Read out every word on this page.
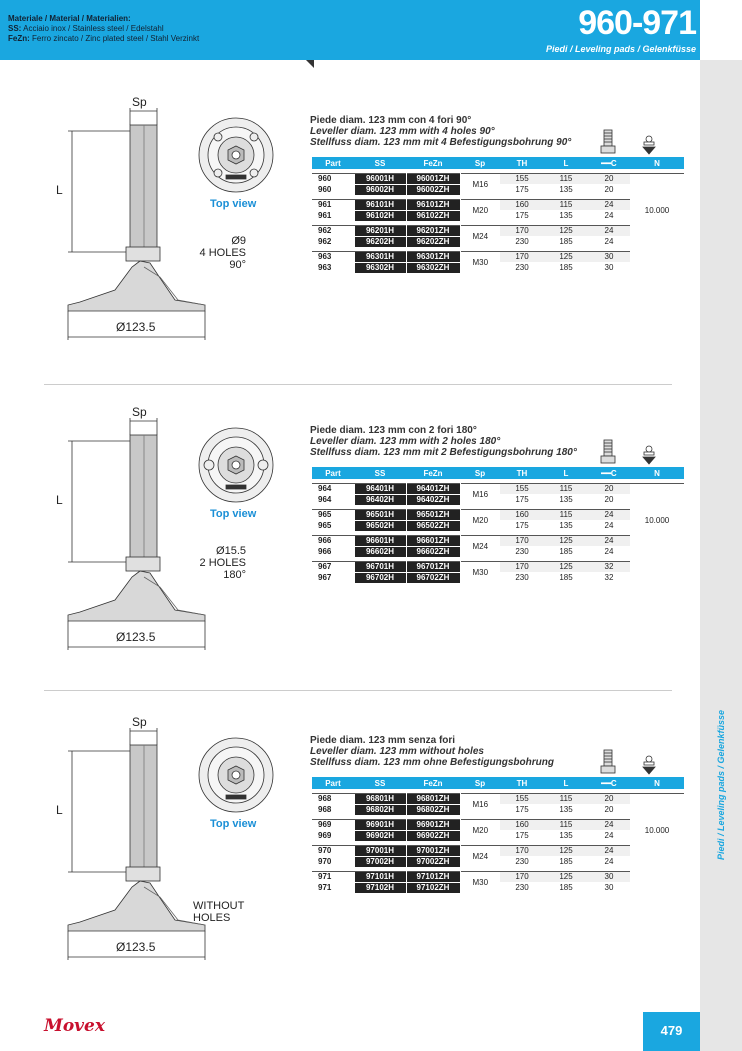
Materiale / Material / Materialien:
SS: Acciaio inox / Stainless steel / Edelstahl
FeZn: Ferro zincato / Zinc plated steel / Stahl Verzinkt	960-971
Piedi / Leveling pads / Gelenkfüsse
Piedi / Leveling pads / Gelenkfüsse
Sp
L
Ø123.5
Top view
Ø9
4 HOLES
90°
Piede diam. 123 mm con 4 fori 90°
Leveller diam. 123 mm with 4 holes 90°
Stellfuss diam. 123 mm mit 4 Befestigungsbohrung 90°
Part	SS	FeZn	Sp	TH	L	━━C	N

960	96001H	96001ZH	M16	155	115	20	10.000
960	96002H	96002ZH		175	135	20	

961	96101H	96101ZH	M20	160	115	24	
961	96102H	96102ZH		175	135	24	

962	96201H	96201ZH	M24	170	125	24	
962	96202H	96202ZH		230	185	24	

963	96301H	96301ZH	M30	170	125	30	
963	96302H	96302ZH		230	185	30	
Sp
L
Ø123.5
Top view
Ø15.5
2 HOLES
180°
Piede diam. 123 mm con 2 fori 180°
Leveller diam. 123 mm with 2 holes 180°
Stellfuss diam. 123 mm mit 2 Befestigungsbohrung 180°
Part	SS	FeZn	Sp	TH	L	━━C	N

964	96401H	96401ZH	M16	155	115	20	10.000
964	96402H	96402ZH		175	135	20	

965	96501H	96501ZH	M20	160	115	24	
965	96502H	96502ZH		175	135	24	

966	96601H	96601ZH	M24	170	125	24	
966	96602H	96602ZH		230	185	24	

967	96701H	96701ZH	M30	170	125	32	
967	96702H	96702ZH		230	185	32	
Sp
L
Ø123.5
Top view
WITHOUT
HOLES
Piede diam. 123 mm senza fori
Leveller diam. 123 mm without holes
Stellfuss diam. 123 mm ohne Befestigungsbohrung
Part	SS	FeZn	Sp	TH	L	━━C	N

968	96801H	96801ZH	M16	155	115	20	10.000
968	96802H	96802ZH		175	135	20	

969	96901H	96901ZH	M20	160	115	24	
969	96902H	96902ZH		175	135	24	

970	97001H	97001ZH	M24	170	125	24	
970	97002H	97002ZH		230	185	24	

971	97101H	97101ZH	M30	170	125	30	
971	97102H	97102ZH		230	185	30	
Movex	479
